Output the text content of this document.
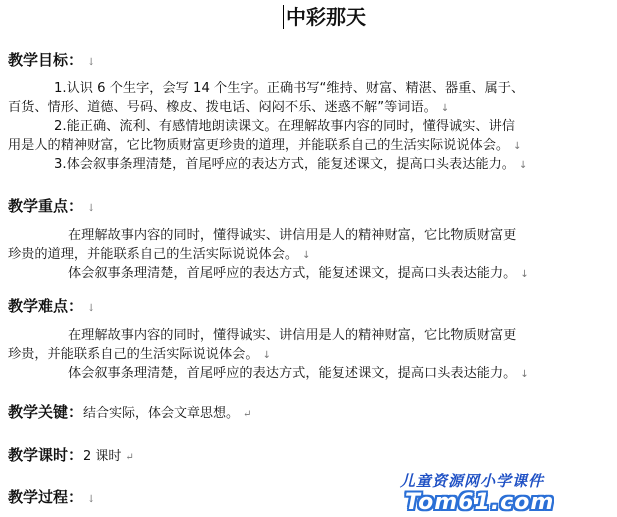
中彩那天
教学目标： ↓
1.认识 6 个生字，会写 14 个生字。正确书写“维持、财富、精湛、器重、属于、
百货、情形、道德、号码、橡皮、拨电话、闷闷不乐、迷惑不解”等词语。 ↓
2.能正确、流利、有感情地朗读课文。在理解故事内容的同时，懂得诚实、讲信
用是人的精神财富，它比物质财富更珍贵的道理，并能联系自己的生活实际说说体会。 ↓
3.体会叙事条理清楚，首尾呼应的表达方式，能复述课文，提高口头表达能力。 ↓
教学重点： ↓
在理解故事内容的同时，懂得诚实、讲信用是人的精神财富，它比物质财富更
珍贵的道理，并能联系自己的生活实际说说体会。 ↓
体会叙事条理清楚，首尾呼应的表达方式，能复述课文，提高口头表达能力。 ↓
教学难点： ↓
在理解故事内容的同时，懂得诚实、讲信用是人的精神财富，它比物质财富更
珍贵，并能联系自己的生活实际说说体会。 ↓
体会叙事条理清楚，首尾呼应的表达方式，能复述课文，提高口头表达能力。 ↓
教学关键：结合实际，体会文章思想。 ↵
教学课时：2 课时 ↵
教学过程： ↓
儿童资源网小学课件
Tom61.com
